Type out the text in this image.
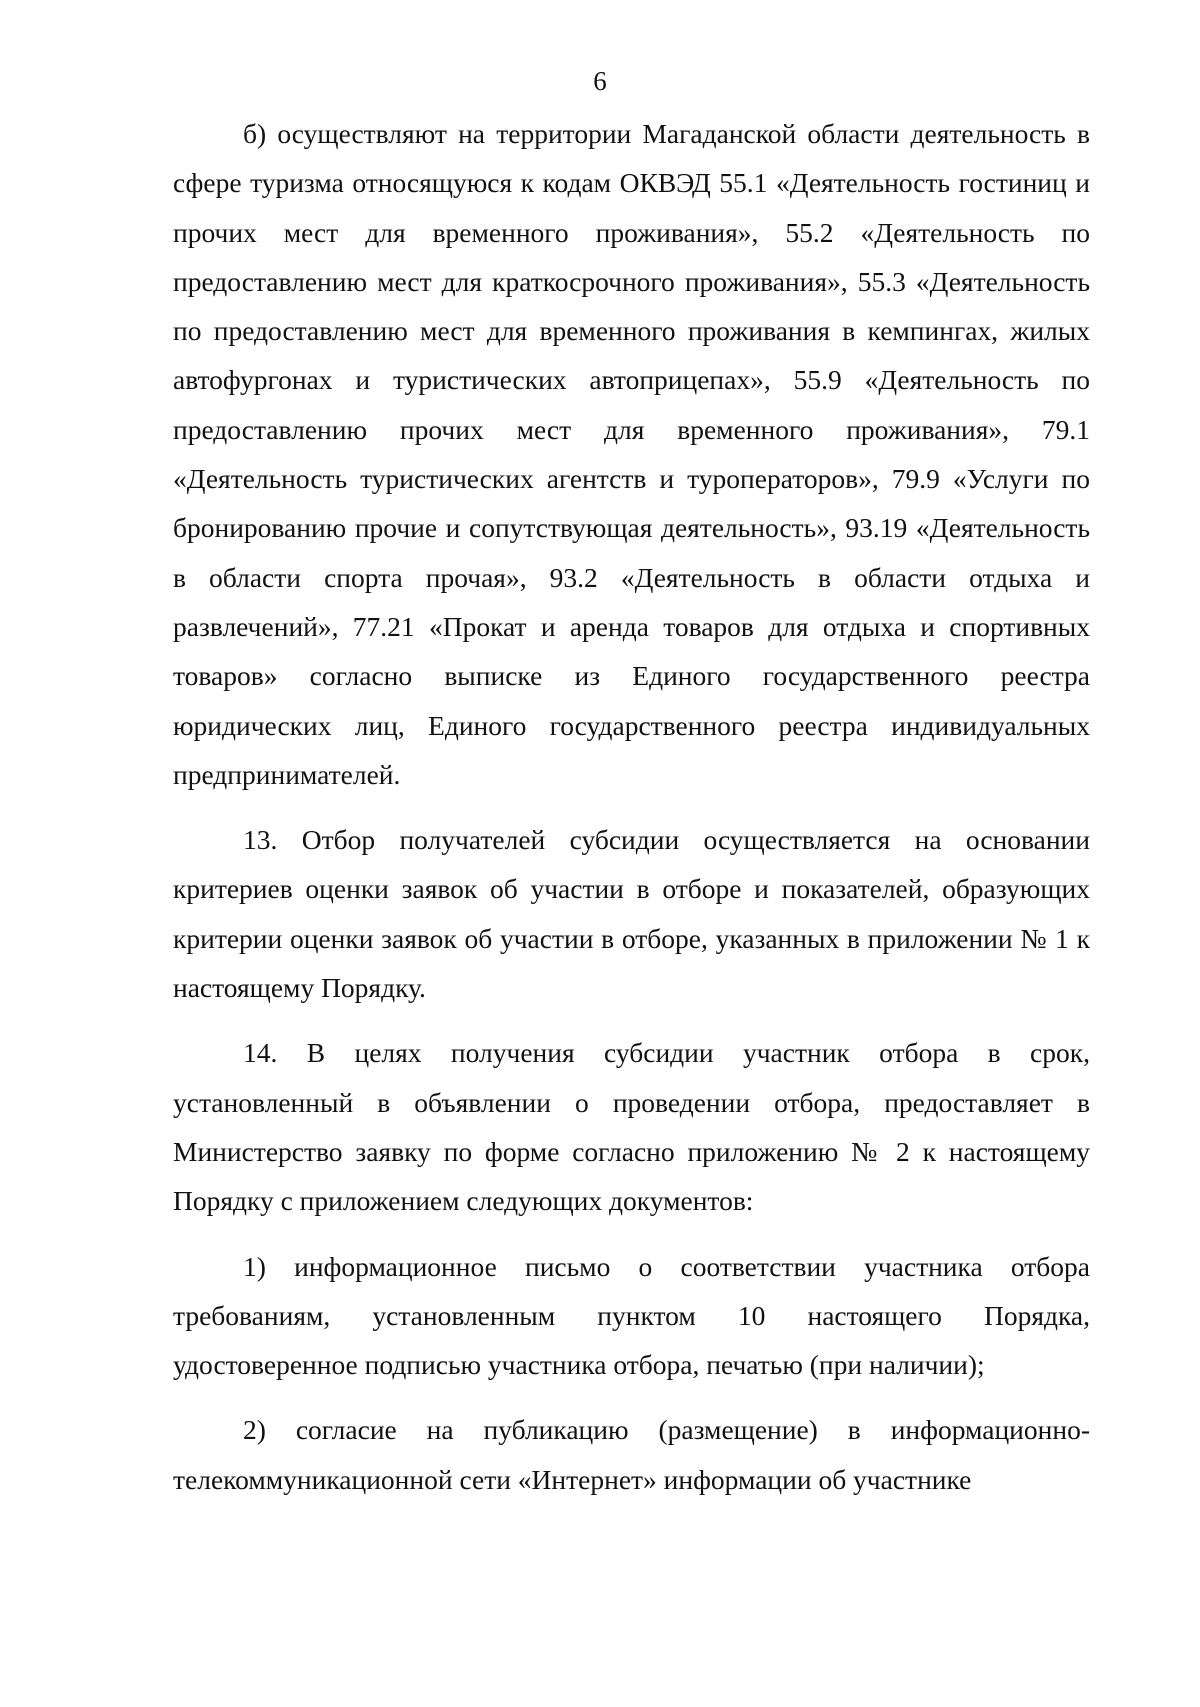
6

б) осуществляют на территории Магаданской области деятельность в сфере туризма относящуюся к кодам ОКВЭД 55.1 «Деятельность гостиниц и прочих мест для временного проживания», 55.2 «Деятельность по предоставлению мест для краткосрочного проживания», 55.3 «Деятельность по предоставлению мест для временного проживания в кемпингах, жилых автофургонах и туристических автоприцепах», 55.9 «Деятельность по предоставлению прочих мест для временного проживания», 79.1 «Деятельность туристических агентств и туроператоров», 79.9 «Услуги по бронированию прочие и сопутствующая деятельность», 93.19 «Деятельность в области спорта прочая», 93.2 «Деятельность в области отдыха и развлечений», 77.21 «Прокат и аренда товаров для отдыха и спортивных товаров» согласно выписке из Единого государственного реестра юридических лиц, Единого государственного реестра индивидуальных предпринимателей.

13. Отбор получателей субсидии осуществляется на основании критериев оценки заявок об участии в отборе и показателей, образующих критерии оценки заявок об участии в отборе, указанных в приложении № 1 к настоящему Порядку.

14. В целях получения субсидии участник отбора в срок, установленный в объявлении о проведении отбора, предоставляет в Министерство заявку по форме согласно приложению № 2 к настоящему Порядку с приложением следующих документов:

1) информационное письмо о соответствии участника отбора требованиям, установленным пунктом 10 настоящего Порядка, удостоверенное подписью участника отбора, печатью (при наличии);

2) согласие на публикацию (размещение) в информационно-телекоммуникационной сети «Интернет» информации об участнике
